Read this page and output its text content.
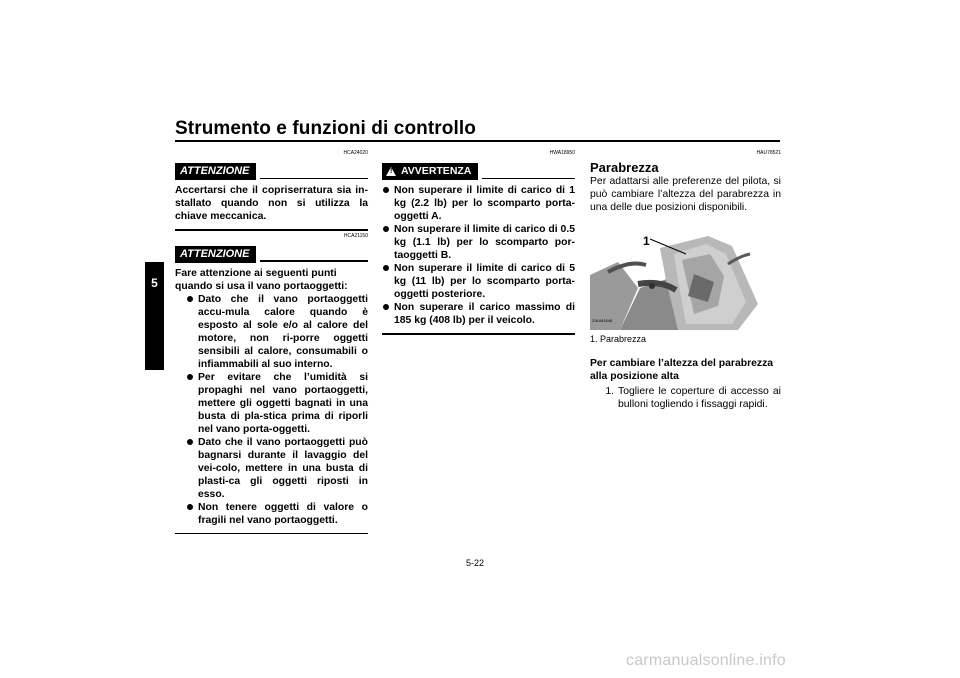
Strumento e funzioni di controllo
5
HCA24020
ATTENZIONE
Accertarsi che il copriserratura sia in-stallato quando non si utilizza la chiave meccanica.
HCA21150
ATTENZIONE
Fare attenzione ai seguenti punti quando si usa il vano portaoggetti:
Dato che il vano portaoggetti accu-mula calore quando è esposto al sole e/o al calore del motore, non ri-porre oggetti sensibili al calore, consumabili o infiammabili al suo interno.
Per evitare che l’umidità si propaghi nel vano portaoggetti, mettere gli oggetti bagnati in una busta di pla-stica prima di riporli nel vano porta-oggetti.
Dato che il vano portaoggetti può bagnarsi durante il lavaggio del vei-colo, mettere in una busta di plasti-ca gli oggetti riposti in esso.
Non tenere oggetti di valore o fragili nel vano portaoggetti.
HWA18950
! AVVERTENZA
Non superare il limite di carico di 1 kg (2.2 lb) per lo scomparto porta-oggetti A.
Non superare il limite di carico di 0.5 kg (1.1 lb) per lo scomparto por-taoggetti B.
Non superare il limite di carico di 5 kg (11 lb) per lo scomparto porta-oggetti posteriore.
Non superare il carico massimo di 185 kg (408 lb) per il veicolo.
HAU78521
Parabrezza
Per adattarsi alle preferenze del pilota, si può cambiare l’altezza del parabrezza in una delle due posizioni disponibili.
1
ZAUM1648
1. Parabrezza
Per cambiare l’altezza del parabrezza alla posizione alta
1. Togliere le coperture di accesso ai bulloni togliendo i fissaggi rapidi.
5-22
carmanualsonline.info
